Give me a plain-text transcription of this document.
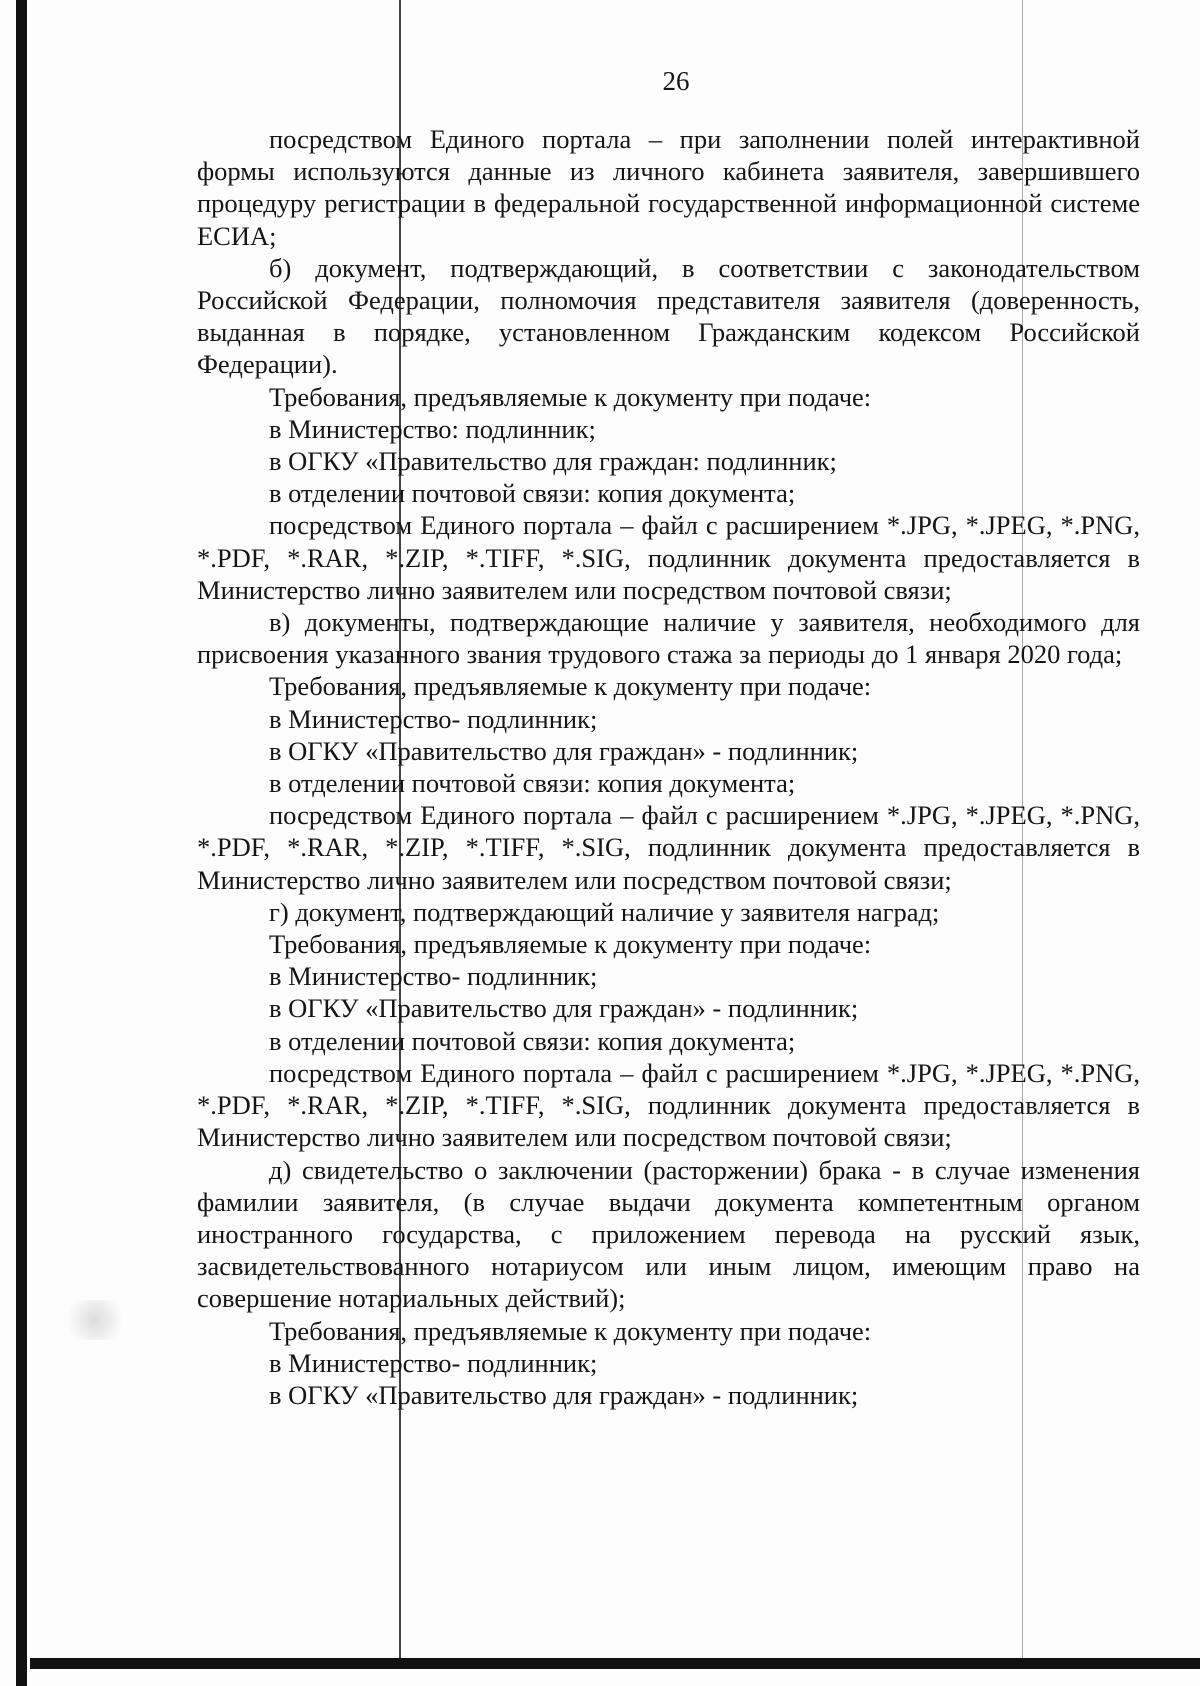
26

посредством Единого портала – при заполнении полей интерактивной формы используются данные из личного кабинета заявителя, завершившего процедуру регистрации в федеральной государственной информационной системе ЕСИА;

б) документ, подтверждающий, в соответствии с законодательством Российской Федерации, полномочия представителя заявителя (доверенность, выданная в порядке, установленном Гражданским кодексом Российской Федерации).

Требования, предъявляемые к документу при подаче:

в Министерство: подлинник;

в ОГКУ «Правительство для граждан: подлинник;

в отделении почтовой связи: копия документа;

посредством Единого портала – файл с расширением *.JPG, *.JPEG, *.PNG, *.PDF, *.RAR, *.ZIP, *.TIFF, *.SIG, подлинник документа предоставляется в Министерство лично заявителем или посредством почтовой связи;

в) документы, подтверждающие наличие у заявителя, необходимого для присвоения указанного звания трудового стажа за периоды до 1 января 2020 года;

Требования, предъявляемые к документу при подаче:

в Министерство- подлинник;

в ОГКУ «Правительство для граждан» - подлинник;

в отделении почтовой связи: копия документа;

посредством Единого портала – файл с расширением *.JPG, *.JPEG, *.PNG, *.PDF, *.RAR, *.ZIP, *.TIFF, *.SIG, подлинник документа предоставляется в Министерство лично заявителем или посредством почтовой связи;

г) документ, подтверждающий наличие у заявителя наград;

Требования, предъявляемые к документу при подаче:

в Министерство- подлинник;

в ОГКУ «Правительство для граждан» - подлинник;

в отделении почтовой связи: копия документа;

посредством Единого портала – файл с расширением *.JPG, *.JPEG, *.PNG, *.PDF, *.RAR, *.ZIP, *.TIFF, *.SIG, подлинник документа предоставляется в Министерство лично заявителем или посредством почтовой связи;

д) свидетельство о заключении (расторжении) брака - в случае изменения фамилии заявителя, (в случае выдачи документа компетентным органом иностранного государства, с приложением перевода на русский язык, засвидетельствованного нотариусом или иным лицом, имеющим право на совершение нотариальных действий);

Требования, предъявляемые к документу при подаче:

в Министерство- подлинник;

в ОГКУ «Правительство для граждан» - подлинник;
